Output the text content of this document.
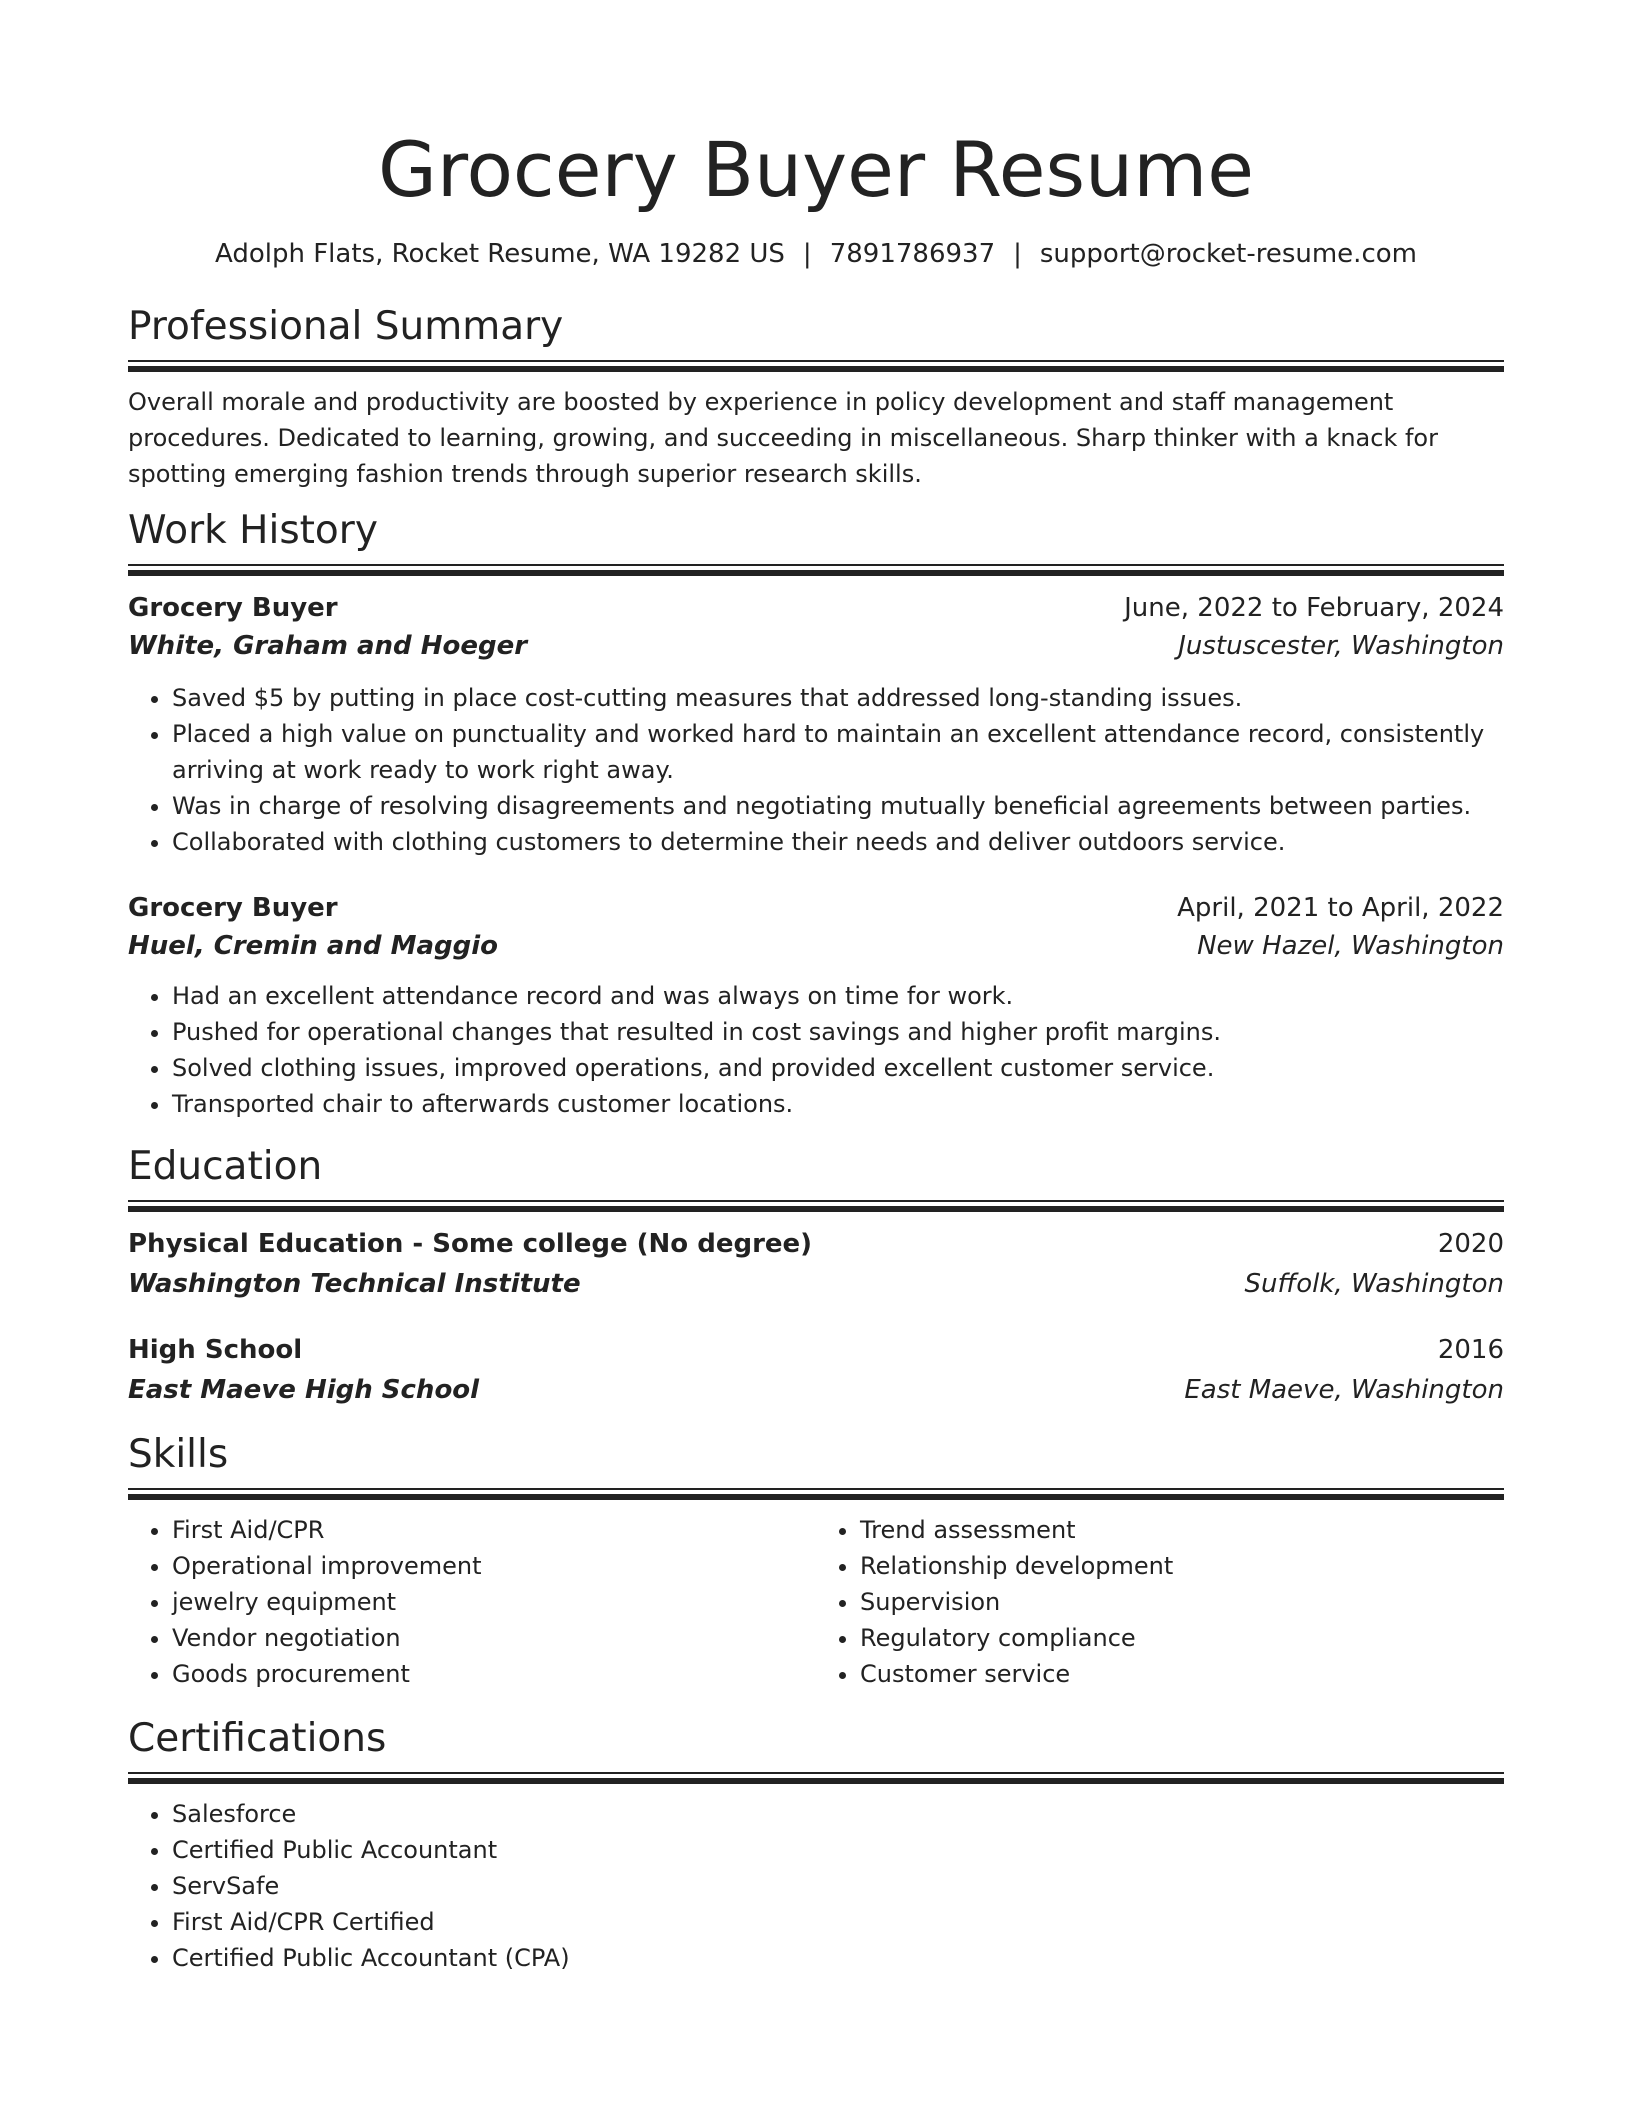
Grocery Buyer Resume
Adolph Flats, Rocket Resume, WA 19282 US | 7891786937 | support@rocket-resume.com
Professional Summary
Overall morale and productivity are boosted by experience in policy development and staff management procedures. Dedicated to learning, growing, and succeeding in miscellaneous. Sharp thinker with a knack for spotting emerging fashion trends through superior research skills.
Work History
Grocery Buyer	June, 2022 to February, 2024
White, Graham and Hoeger	Justuscester, Washington
• Saved $5 by putting in place cost-cutting measures that addressed long-standing issues.
• Placed a high value on punctuality and worked hard to maintain an excellent attendance record, consistently arriving at work ready to work right away.
• Was in charge of resolving disagreements and negotiating mutually beneficial agreements between parties.
• Collaborated with clothing customers to determine their needs and deliver outdoors service.
Grocery Buyer	April, 2021 to April, 2022
Huel, Cremin and Maggio	New Hazel, Washington
• Had an excellent attendance record and was always on time for work.
• Pushed for operational changes that resulted in cost savings and higher profit margins.
• Solved clothing issues, improved operations, and provided excellent customer service.
• Transported chair to afterwards customer locations.
Education
Physical Education - Some college (No degree)	2020
Washington Technical Institute	Suffolk, Washington
High School	2016
East Maeve High School	East Maeve, Washington
Skills
• First Aid/CPR
• Operational improvement
• jewelry equipment
• Vendor negotiation
• Goods procurement
• Trend assessment
• Relationship development
• Supervision
• Regulatory compliance
• Customer service
Certifications
• Salesforce
• Certified Public Accountant
• ServSafe
• First Aid/CPR Certified
• Certified Public Accountant (CPA)
